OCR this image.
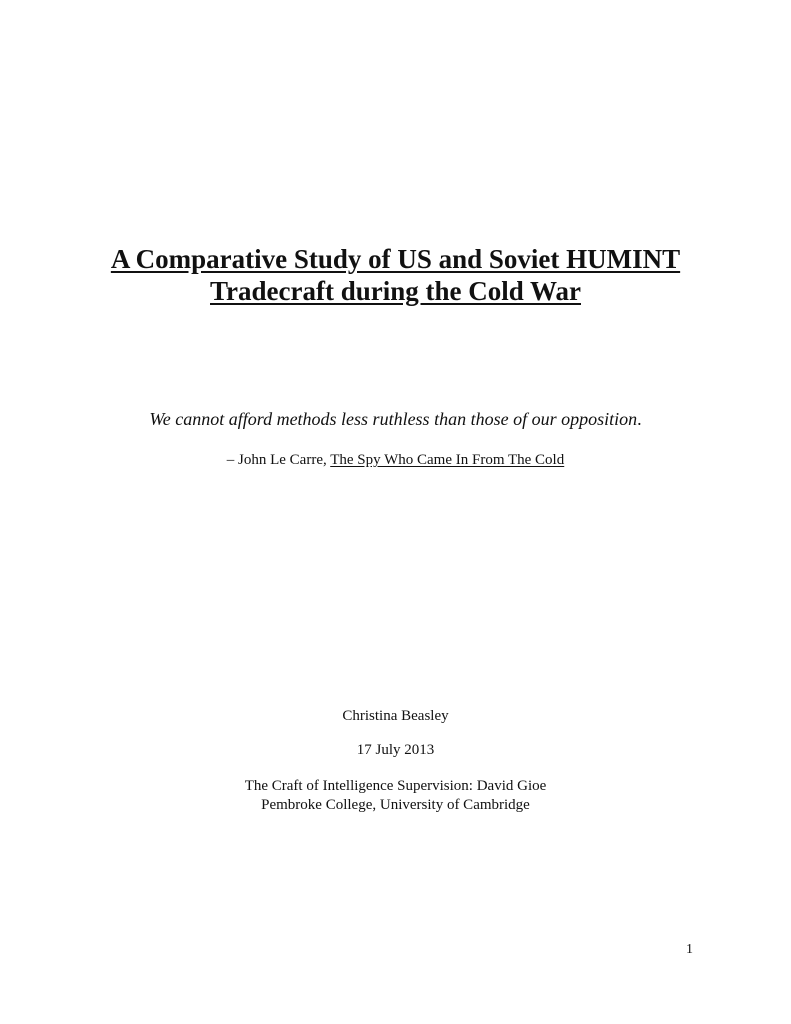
A Comparative Study of US and Soviet HUMINT
Tradecraft during the Cold War

We cannot afford methods less ruthless than those of our opposition.

– John Le Carre, The Spy Who Came In From The Cold

Christina Beasley

17 July 2013

The Craft of Intelligence Supervision: David Gioe

Pembroke College, University of Cambridge

1
